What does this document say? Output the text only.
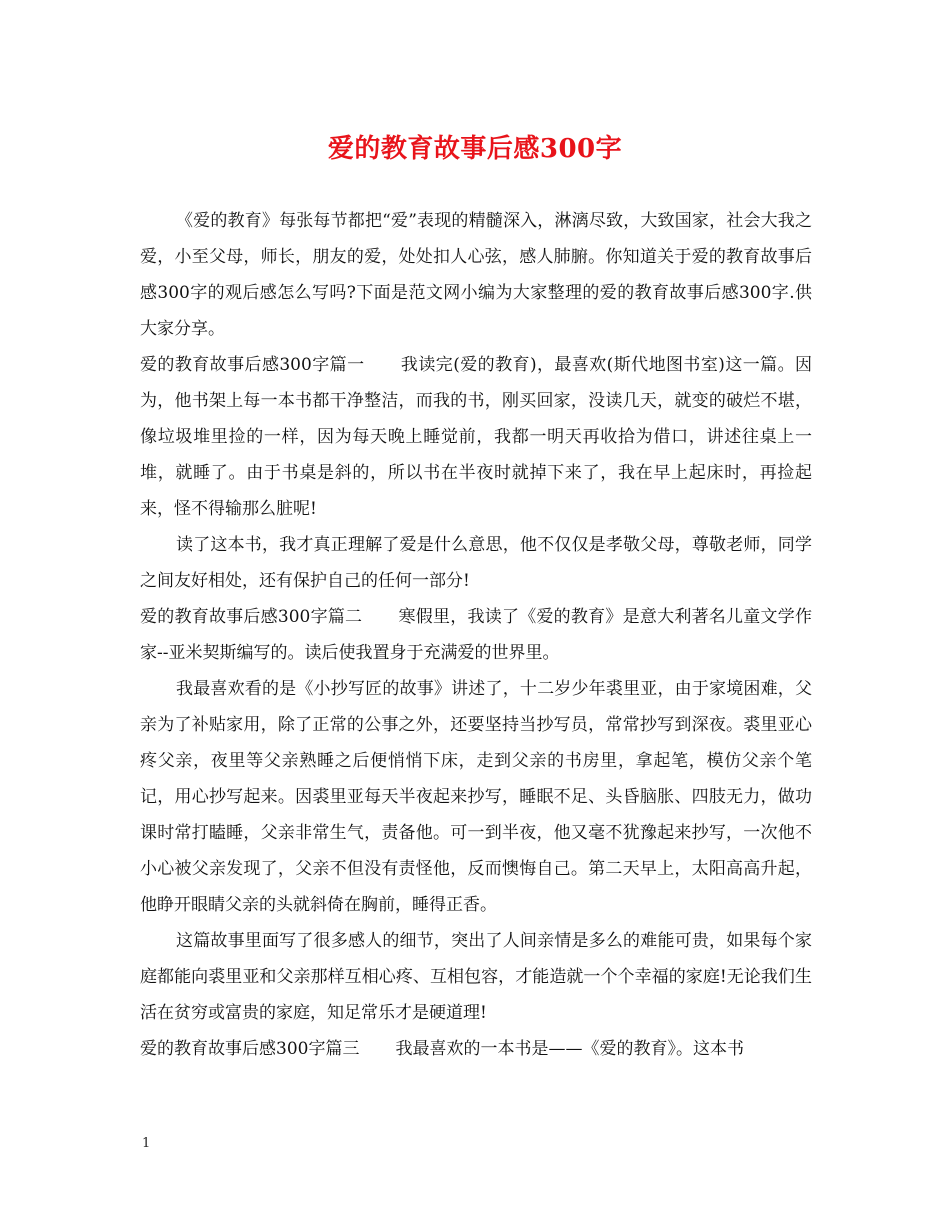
爱的教育故事后感300字

《爱的教育》每张每节都把“爱”表现的精髓深入，淋漓尽致，大致国家，社会大我之爱，小至父母，师长，朋友的爱，处处扣人心弦，感人肺腑。你知道关于爱的教育故事后感300字的观后感怎么写吗?下面是范文网小编为大家整理的爱的教育故事后感300字.供大家分享。

爱的教育故事后感300字篇一 我读完(爱的教育)，最喜欢(斯代地图书室)这一篇。因为，他书架上每一本书都干净整洁，而我的书，刚买回家，没读几天，就变的破烂不堪，像垃圾堆里捡的一样，因为每天晚上睡觉前，我都一明天再收拾为借口，讲述往桌上一堆，就睡了。由于书桌是斜的，所以书在半夜时就掉下来了，我在早上起床时，再捡起来，怪不得输那么脏呢!

读了这本书，我才真正理解了爱是什么意思，他不仅仅是孝敬父母，尊敬老师，同学之间友好相处，还有保护自己的任何一部分!

爱的教育故事后感300字篇二 寒假里，我读了《爱的教育》是意大利著名儿童文学作家--亚米契斯编写的。读后使我置身于充满爱的世界里。

我最喜欢看的是《小抄写匠的故事》讲述了，十二岁少年裘里亚，由于家境困难，父亲为了补贴家用，除了正常的公事之外，还要坚持当抄写员，常常抄写到深夜。裘里亚心疼父亲，夜里等父亲熟睡之后便悄悄下床，走到父亲的书房里，拿起笔，模仿父亲个笔记，用心抄写起来。因裘里亚每天半夜起来抄写，睡眠不足、头昏脑胀、四肢无力，做功课时常打瞌睡，父亲非常生气，责备他。可一到半夜，他又毫不犹豫起来抄写，一次他不小心被父亲发现了，父亲不但没有责怪他，反而懊悔自己。第二天早上，太阳高高升起，他睁开眼睛父亲的头就斜倚在胸前，睡得正香。

这篇故事里面写了很多感人的细节，突出了人间亲情是多么的难能可贵，如果每个家庭都能向裘里亚和父亲那样互相心疼、互相包容，才能造就一个个幸福的家庭!无论我们生活在贫穷或富贵的家庭，知足常乐才是硬道理!

爱的教育故事后感300字篇三 我最喜欢的一本书是——《爱的教育》。这本书

1
